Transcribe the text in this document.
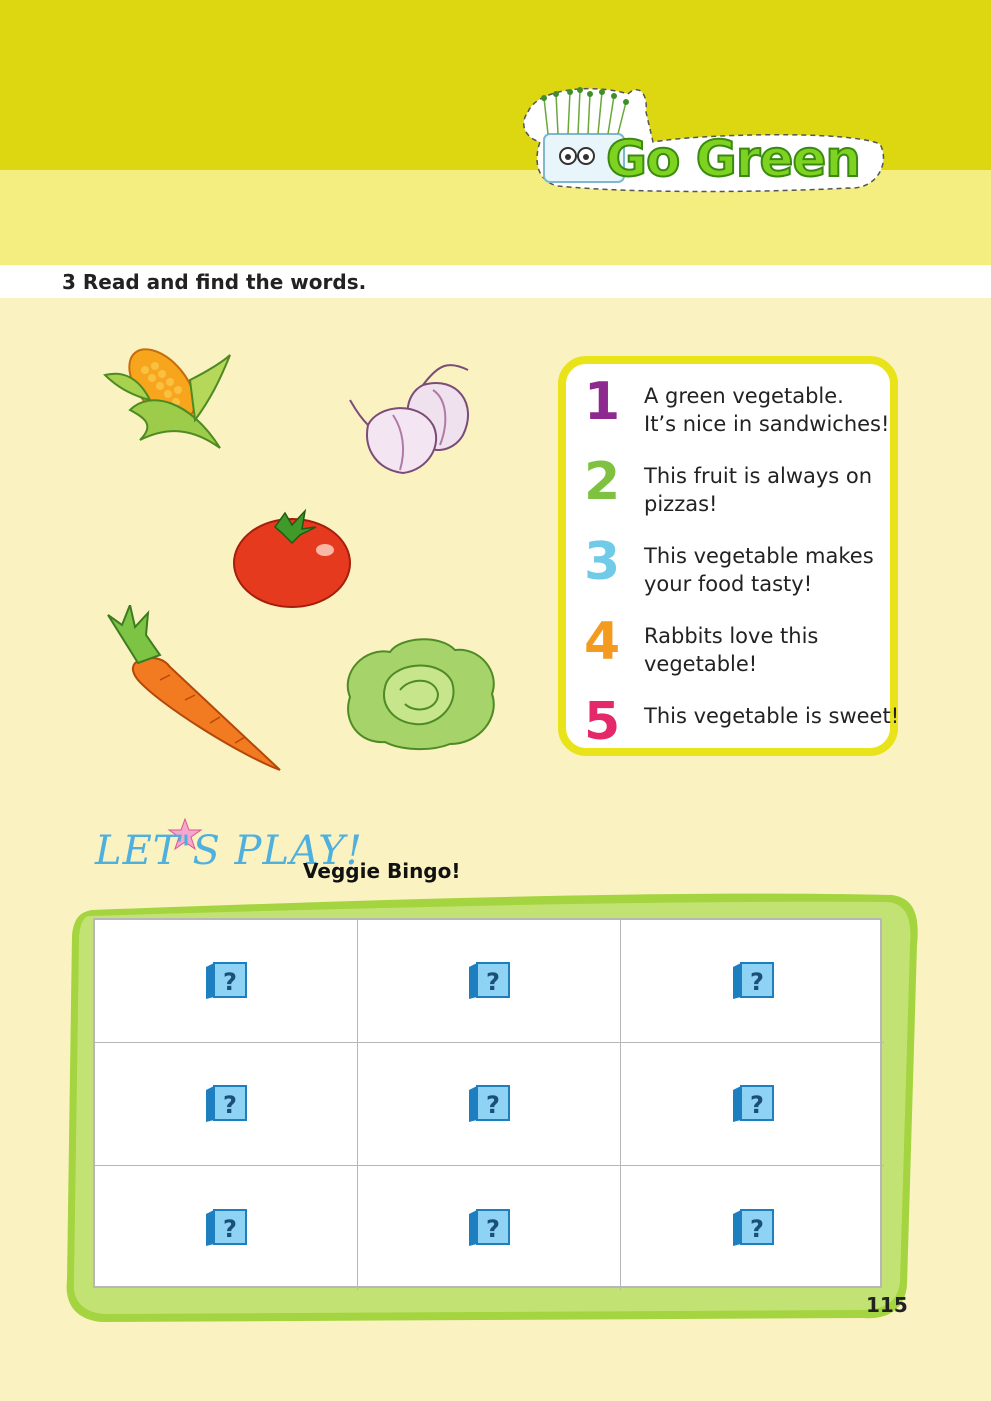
Go Green
3 Read and find the words.
1 A green vegetable.
It’s nice in sandwiches!
2 This fruit is always on
pizzas!
3 This vegetable makes
your food tasty!
4 Rabbits love this
vegetable!
5 This vegetable is sweet!
LET'S PLAY!
Veggie Bingo!
?	?	?
?	?	?
?	?	?
115
